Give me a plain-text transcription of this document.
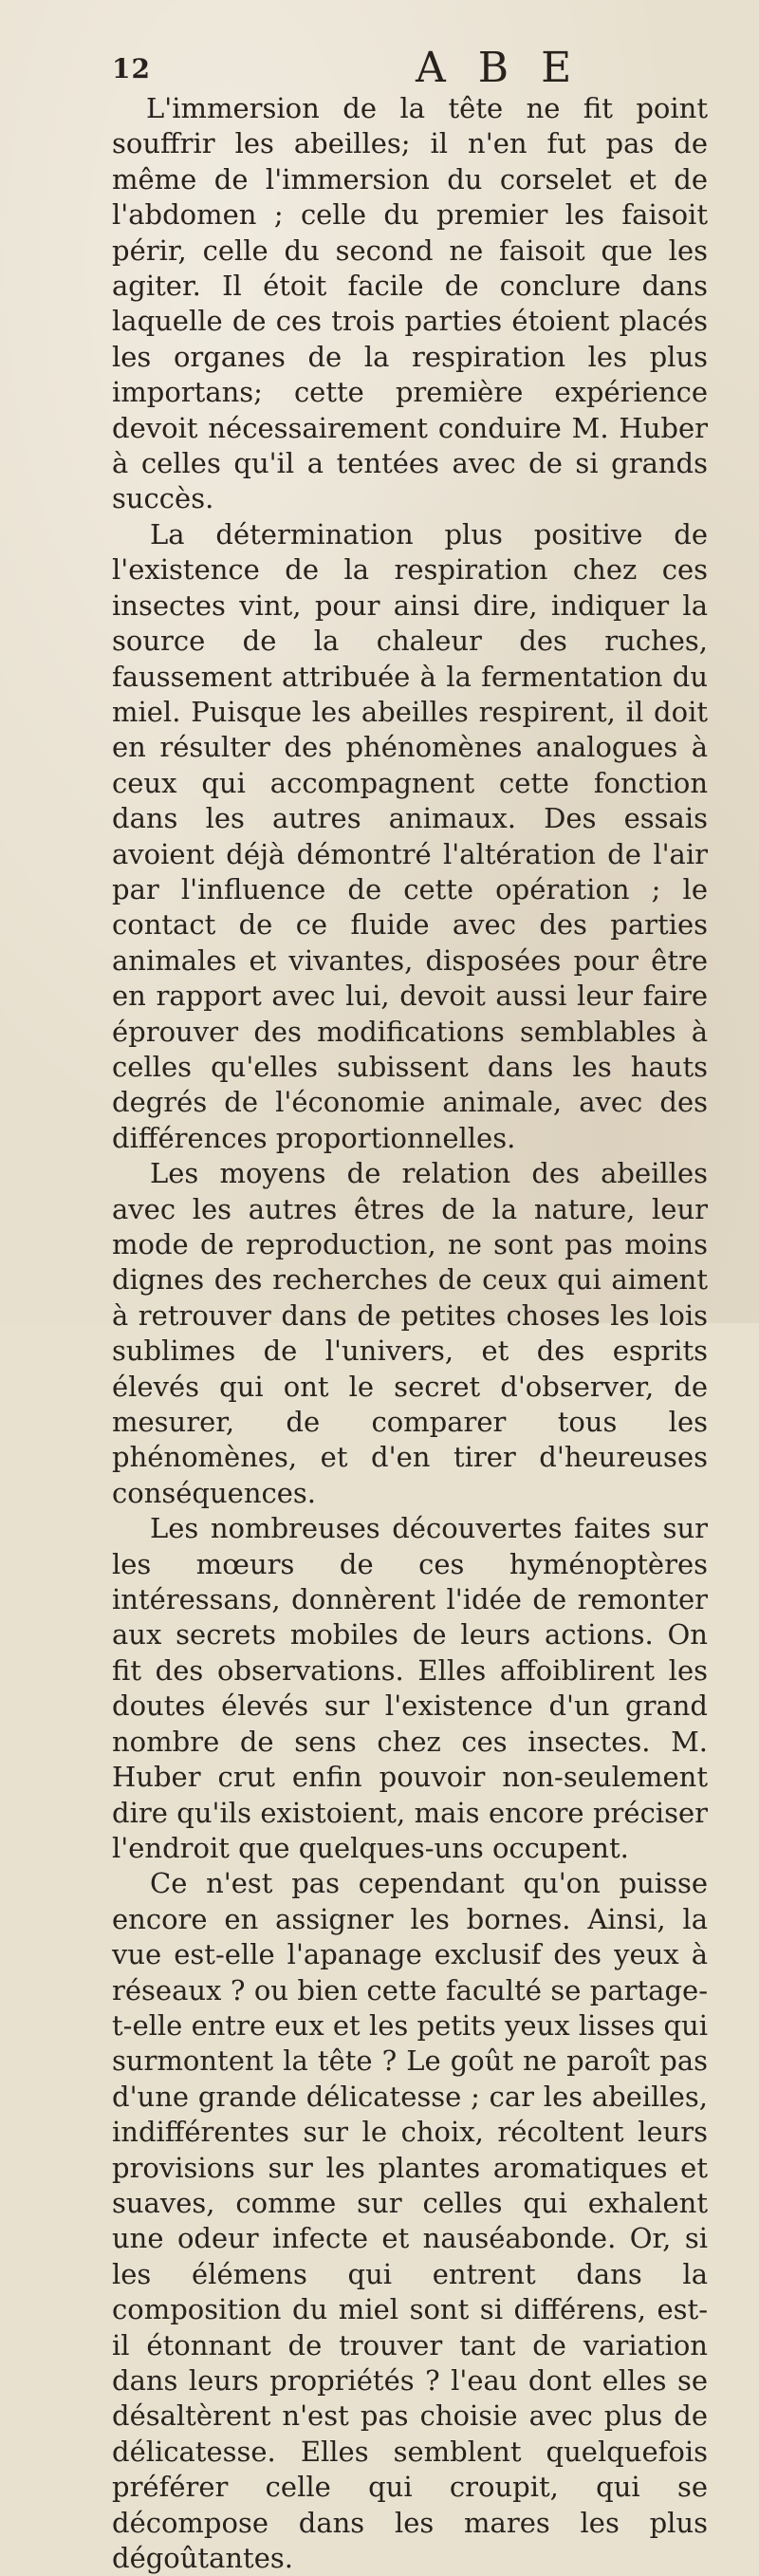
12	A B E

L'immersion de la tête ne fit point souffrir les abeilles; il n'en fut pas de même de l'immersion du corselet et de l'abdomen ; celle du premier les faisoit périr, celle du second ne faisoit que les agiter. Il étoit facile de conclure dans laquelle de ces trois parties étoient placés les organes de la respiration les plus importans; cette première expérience devoit nécessairement conduire M. Huber à celles qu'il a tentées avec de si grands succès.

La détermination plus positive de l'existence de la respiration chez ces insectes vint, pour ainsi dire, indiquer la source de la chaleur des ruches, faussement attribuée à la fermentation du miel. Puisque les abeilles respirent, il doit en résulter des phénomènes analogues à ceux qui accompagnent cette fonction dans les autres animaux. Des essais avoient déjà démontré l'altération de l'air par l'influence de cette opération ; le contact de ce fluide avec des parties animales et vivantes, disposées pour être en rapport avec lui, devoit aussi leur faire éprouver des modifications semblables à celles qu'elles subissent dans les hauts degrés de l'économie animale, avec des différences proportionnelles.

Les moyens de relation des abeilles avec les autres êtres de la nature, leur mode de reproduction, ne sont pas moins dignes des recherches de ceux qui aiment à retrouver dans de petites choses les lois sublimes de l'univers, et des esprits élevés qui ont le secret d'observer, de mesurer, de comparer tous les phénomènes, et d'en tirer d'heureuses conséquences.

Les nombreuses découvertes faites sur les mœurs de ces hyménoptères intéressans, donnèrent l'idée de remonter aux secrets mobiles de leurs actions. On fit des observations. Elles affoiblirent les doutes élevés sur l'existence d'un grand nombre de sens chez ces insectes. M. Huber crut enfin pouvoir non-seulement dire qu'ils existoient, mais encore préciser l'endroit que quelques-uns occupent.

Ce n'est pas cependant qu'on puisse encore en assigner les bornes. Ainsi, la vue est-elle l'apanage exclusif des yeux à réseaux ? ou bien cette faculté se partage-t-elle entre eux et les petits yeux lisses qui surmontent la tête ? Le goût ne paroît pas d'une grande délicatesse ; car les abeilles, indifférentes sur le choix, récoltent leurs provisions sur les plantes aromatiques et suaves, comme sur celles qui exhalent une odeur infecte et nauséabonde. Or, si les élémens qui entrent dans la composition du miel sont si différens, est-il étonnant de trouver tant de variation dans leurs propriétés ? l'eau dont elles se désaltèrent n'est pas choisie avec plus de délicatesse. Elles semblent quelquefois préférer celle qui croupit, qui se décompose dans les mares les plus dégoûtantes.
